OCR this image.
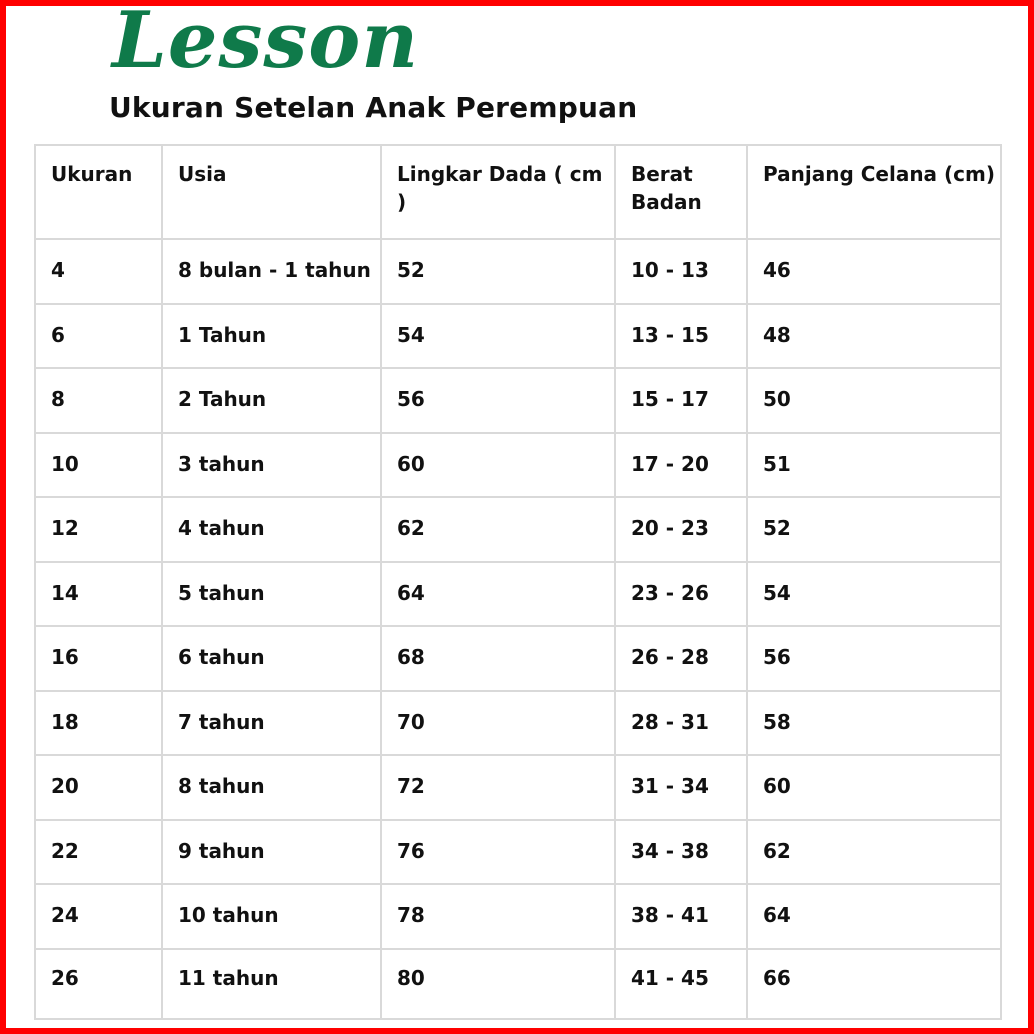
Lesson
Ukuran Setelan Anak Perempuan
Ukuran	Usia	Lingkar Dada ( cm )	Berat Badan	Panjang Celana (cm)
4	8 bulan - 1 tahun	52	10 - 13	46
6	1 Tahun	54	13 - 15	48
8	2 Tahun	56	15 - 17	50
10	3 tahun	60	17 - 20	51
12	4 tahun	62	20 - 23	52
14	5 tahun	64	23 - 26	54
16	6 tahun	68	26 - 28	56
18	7 tahun	70	28 - 31	58
20	8 tahun	72	31 - 34	60
22	9 tahun	76	34 - 38	62
24	10 tahun	78	38 - 41	64
26	11 tahun	80	41 - 45	66
